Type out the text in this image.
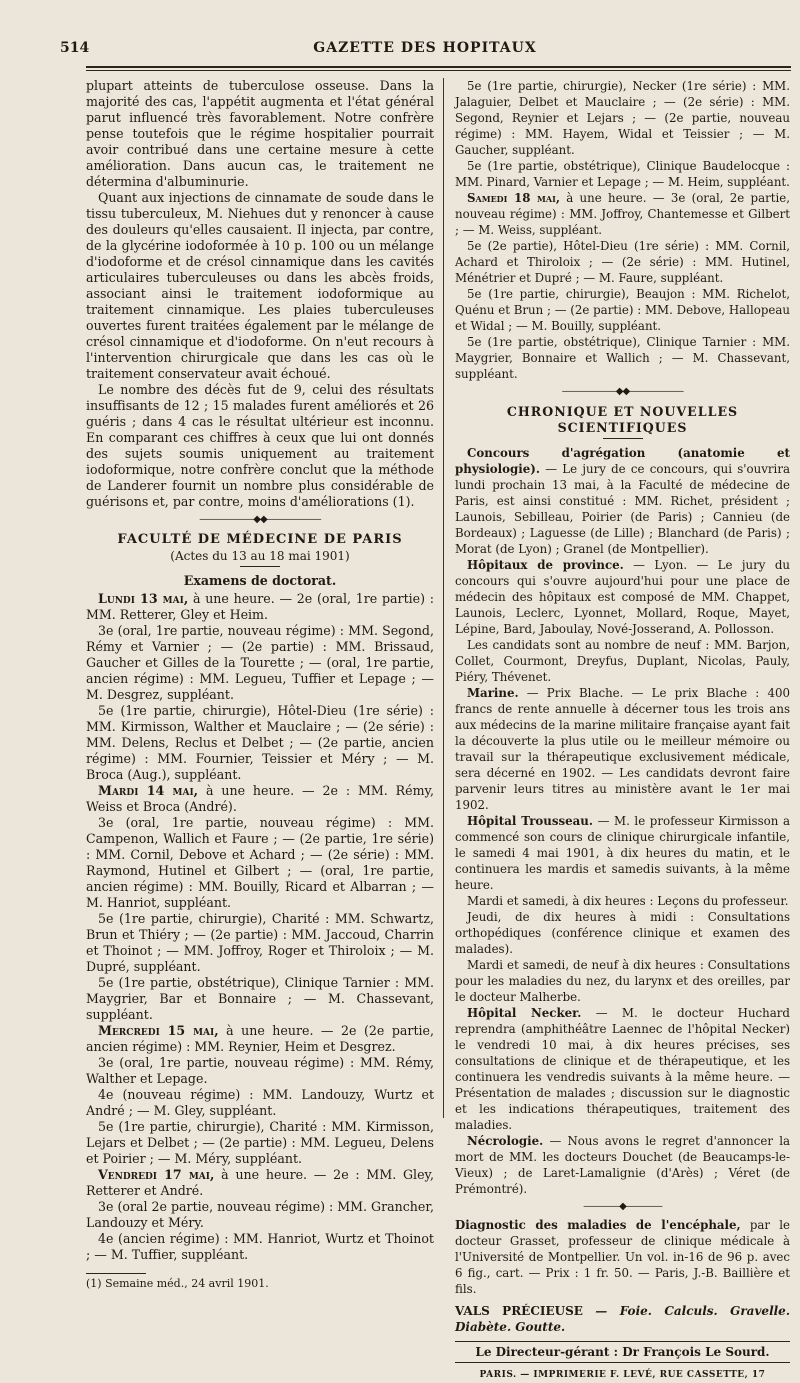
514	GAZETTE DES HOPITAUX

plupart atteints de tuberculose osseuse. Dans la majorité des cas, l'appétit augmenta et l'état général parut influencé très favorablement. Notre confrère pense toutefois que le régime hospitalier pourrait avoir contribué dans une certaine mesure à cette amélioration. Dans aucun cas, le traitement ne détermina d'albuminurie.

Quant aux injections de cinnamate de soude dans le tissu tuberculeux, M. Niehues dut y renoncer à cause des douleurs qu'elles causaient. Il injecta, par contre, de la glycérine iodoformée à 10 p. 100 ou un mélange d'iodoforme et de crésol cinnamique dans les cavités articulaires tuberculeuses ou dans les abcès froids, associant ainsi le traitement iodoformique au traitement cinnamique. Les plaies tuberculeuses ouvertes furent traitées également par le mélange de crésol cinnamique et d'iodoforme. On n'eut recours à l'intervention chirurgicale que dans les cas où le traitement conservateur avait échoué.

Le nombre des décès fut de 9, celui des résultats insuffisants de 12 ; 15 malades furent améliorés et 26 guéris ; dans 4 cas le résultat ultérieur est inconnu. En comparant ces chiffres à ceux que lui ont donnés des sujets soumis uniquement au traitement iodoformique, notre confrère conclut que la méthode de Landerer fournit un nombre plus considérable de guérisons et, par contre, moins d'améliorations (1).

——————◆◆——————
FACULTÉ DE MÉDECINE DE PARIS
(Actes du 13 au 18 mai 1901)
Examens de doctorat.

Lundi 13 mai, à une heure. — 2e (oral, 1re partie) : MM. Retterer, Gley et Heim.

3e (oral, 1re partie, nouveau régime) : MM. Segond, Rémy et Varnier ; — (2e partie) : MM. Brissaud, Gaucher et Gilles de la Tourette ; — (oral, 1re partie, ancien régime) : MM. Legueu, Tuffier et Lepage ; — M. Desgrez, suppléant.

5e (1re partie, chirurgie), Hôtel-Dieu (1re série) : MM. Kirmisson, Walther et Mauclaire ; — (2e série) : MM. Delens, Reclus et Delbet ; — (2e partie, ancien régime) : MM. Fournier, Teissier et Méry ; — M. Broca (Aug.), suppléant.

Mardi 14 mai, à une heure. — 2e : MM. Rémy, Weiss et Broca (André).

3e (oral, 1re partie, nouveau régime) : MM. Campenon, Wallich et Faure ; — (2e partie, 1re série) : MM. Cornil, Debove et Achard ; — (2e série) : MM. Raymond, Hutinel et Gilbert ; — (oral, 1re partie, ancien régime) : MM. Bouilly, Ricard et Albarran ; — M. Hanriot, suppléant.

5e (1re partie, chirurgie), Charité : MM. Schwartz, Brun et Thiéry ; — (2e partie) : MM. Jaccoud, Charrin et Thoinot ; — MM. Joffroy, Roger et Thiroloix ; — M. Dupré, suppléant.

5e (1re partie, obstétrique), Clinique Tarnier : MM. Maygrier, Bar et Bonnaire ; — M. Chassevant, suppléant.

Mercredi 15 mai, à une heure. — 2e (2e partie, ancien régime) : MM. Reynier, Heim et Desgrez.

3e (oral, 1re partie, nouveau régime) : MM. Rémy, Walther et Lepage.

4e (nouveau régime) : MM. Landouzy, Wurtz et André ; — M. Gley, suppléant.

5e (1re partie, chirurgie), Charité : MM. Kirmisson, Lejars et Delbet ; — (2e partie) : MM. Legueu, Delens et Poirier ; — M. Méry, suppléant.

Vendredi 17 mai, à une heure. — 2e : MM. Gley, Retterer et André.

3e (oral 2e partie, nouveau régime) : MM. Grancher, Landouzy et Méry.

4e (ancien régime) : MM. Hanriot, Wurtz et Thoinot ; — M. Tuffier, suppléant.

(1) Semaine méd., 24 avril 1901.

5e (1re partie, chirurgie), Necker (1re série) : MM. Jalaguier, Delbet et Mauclaire ; — (2e série) : MM. Segond, Reynier et Lejars ; — (2e partie, nouveau régime) : MM. Hayem, Widal et Teissier ; — M. Gaucher, suppléant.

5e (1re partie, obstétrique), Clinique Baudelocque : MM. Pinard, Varnier et Lepage ; — M. Heim, suppléant.

Samedi 18 mai, à une heure. — 3e (oral, 2e partie, nouveau régime) : MM. Joffroy, Chantemesse et Gilbert ; — M. Weiss, suppléant.

5e (2e partie), Hôtel-Dieu (1re série) : MM. Cornil, Achard et Thiroloix ; — (2e série) : MM. Hutinel, Ménétrier et Dupré ; — M. Faure, suppléant.

5e (1re partie, chirurgie), Beaujon : MM. Richelot, Quénu et Brun ; — (2e partie) : MM. Debove, Hallopeau et Widal ; — M. Bouilly, suppléant.

5e (1re partie, obstétrique), Clinique Tarnier : MM. Maygrier, Bonnaire et Wallich ; — M. Chassevant, suppléant.

——————◆◆——————
CHRONIQUE ET NOUVELLES SCIENTIFIQUES

Concours d'agrégation (anatomie et physiologie). — Le jury de ce concours, qui s'ouvrira lundi prochain 13 mai, à la Faculté de médecine de Paris, est ainsi constitué : MM. Richet, président ; Launois, Sebilleau, Poirier (de Paris) ; Cannieu (de Bordeaux) ; Laguesse (de Lille) ; Blanchard (de Paris) ; Morat (de Lyon) ; Granel (de Montpellier).

Hôpitaux de province. — Lyon. — Le jury du concours qui s'ouvre aujourd'hui pour une place de médecin des hôpitaux est composé de MM. Chappet, Launois, Leclerc, Lyonnet, Mollard, Roque, Mayet, Lépine, Bard, Jaboulay, Nové-Josserand, A. Pollosson.

Les candidats sont au nombre de neuf : MM. Barjon, Collet, Courmont, Dreyfus, Duplant, Nicolas, Pauly, Piéry, Thévenet.

Marine. — Prix Blache. — Le prix Blache : 400 francs de rente annuelle à décerner tous les trois ans aux médecins de la marine militaire française ayant fait la découverte la plus utile ou le meilleur mémoire ou travail sur la thérapeutique exclusivement médicale, sera décerné en 1902. — Les candidats devront faire parvenir leurs titres au ministère avant le 1er mai 1902.

Hôpital Trousseau. — M. le professeur Kirmisson a commencé son cours de clinique chirurgicale infantile, le samedi 4 mai 1901, à dix heures du matin, et le continuera les mardis et samedis suivants, à la même heure.

Mardi et samedi, à dix heures : Leçons du professeur.

Jeudi, de dix heures à midi : Consultations orthopédiques (conférence clinique et examen des malades).

Mardi et samedi, de neuf à dix heures : Consultations pour les maladies du nez, du larynx et des oreilles, par le docteur Malherbe.

Hôpital Necker. — M. le docteur Huchard reprendra (amphithéâtre Laennec de l'hôpital Necker) le vendredi 10 mai, à dix heures précises, ses consultations de clinique et de thérapeutique, et les continuera les vendredis suivants à la même heure. — Présentation de malades ; discussion sur le diagnostic et les indications thérapeutiques, traitement des maladies.

Nécrologie. — Nous avons le regret d'annoncer la mort de MM. les docteurs Douchet (de Beaucamps-le-Vieux) ; de Laret-Lamalignie (d'Arès) ; Véret (de Prémontré).

————◆————

Diagnostic des maladies de l'encéphale, par le docteur Grasset, professeur de clinique médicale à l'Université de Montpellier. Un vol. in-16 de 96 p. avec 6 fig., cart. — Prix : 1 fr. 50. — Paris, J.-B. Baillière et fils.

VALS PRÉCIEUSE — Foie. Calculs. Gravelle. Diabète. Goutte.

Le Directeur-gérant : Dr François Le Sourd.
PARIS. — IMPRIMERIE F. LEVÉ, RUE CASSETTE, 17
